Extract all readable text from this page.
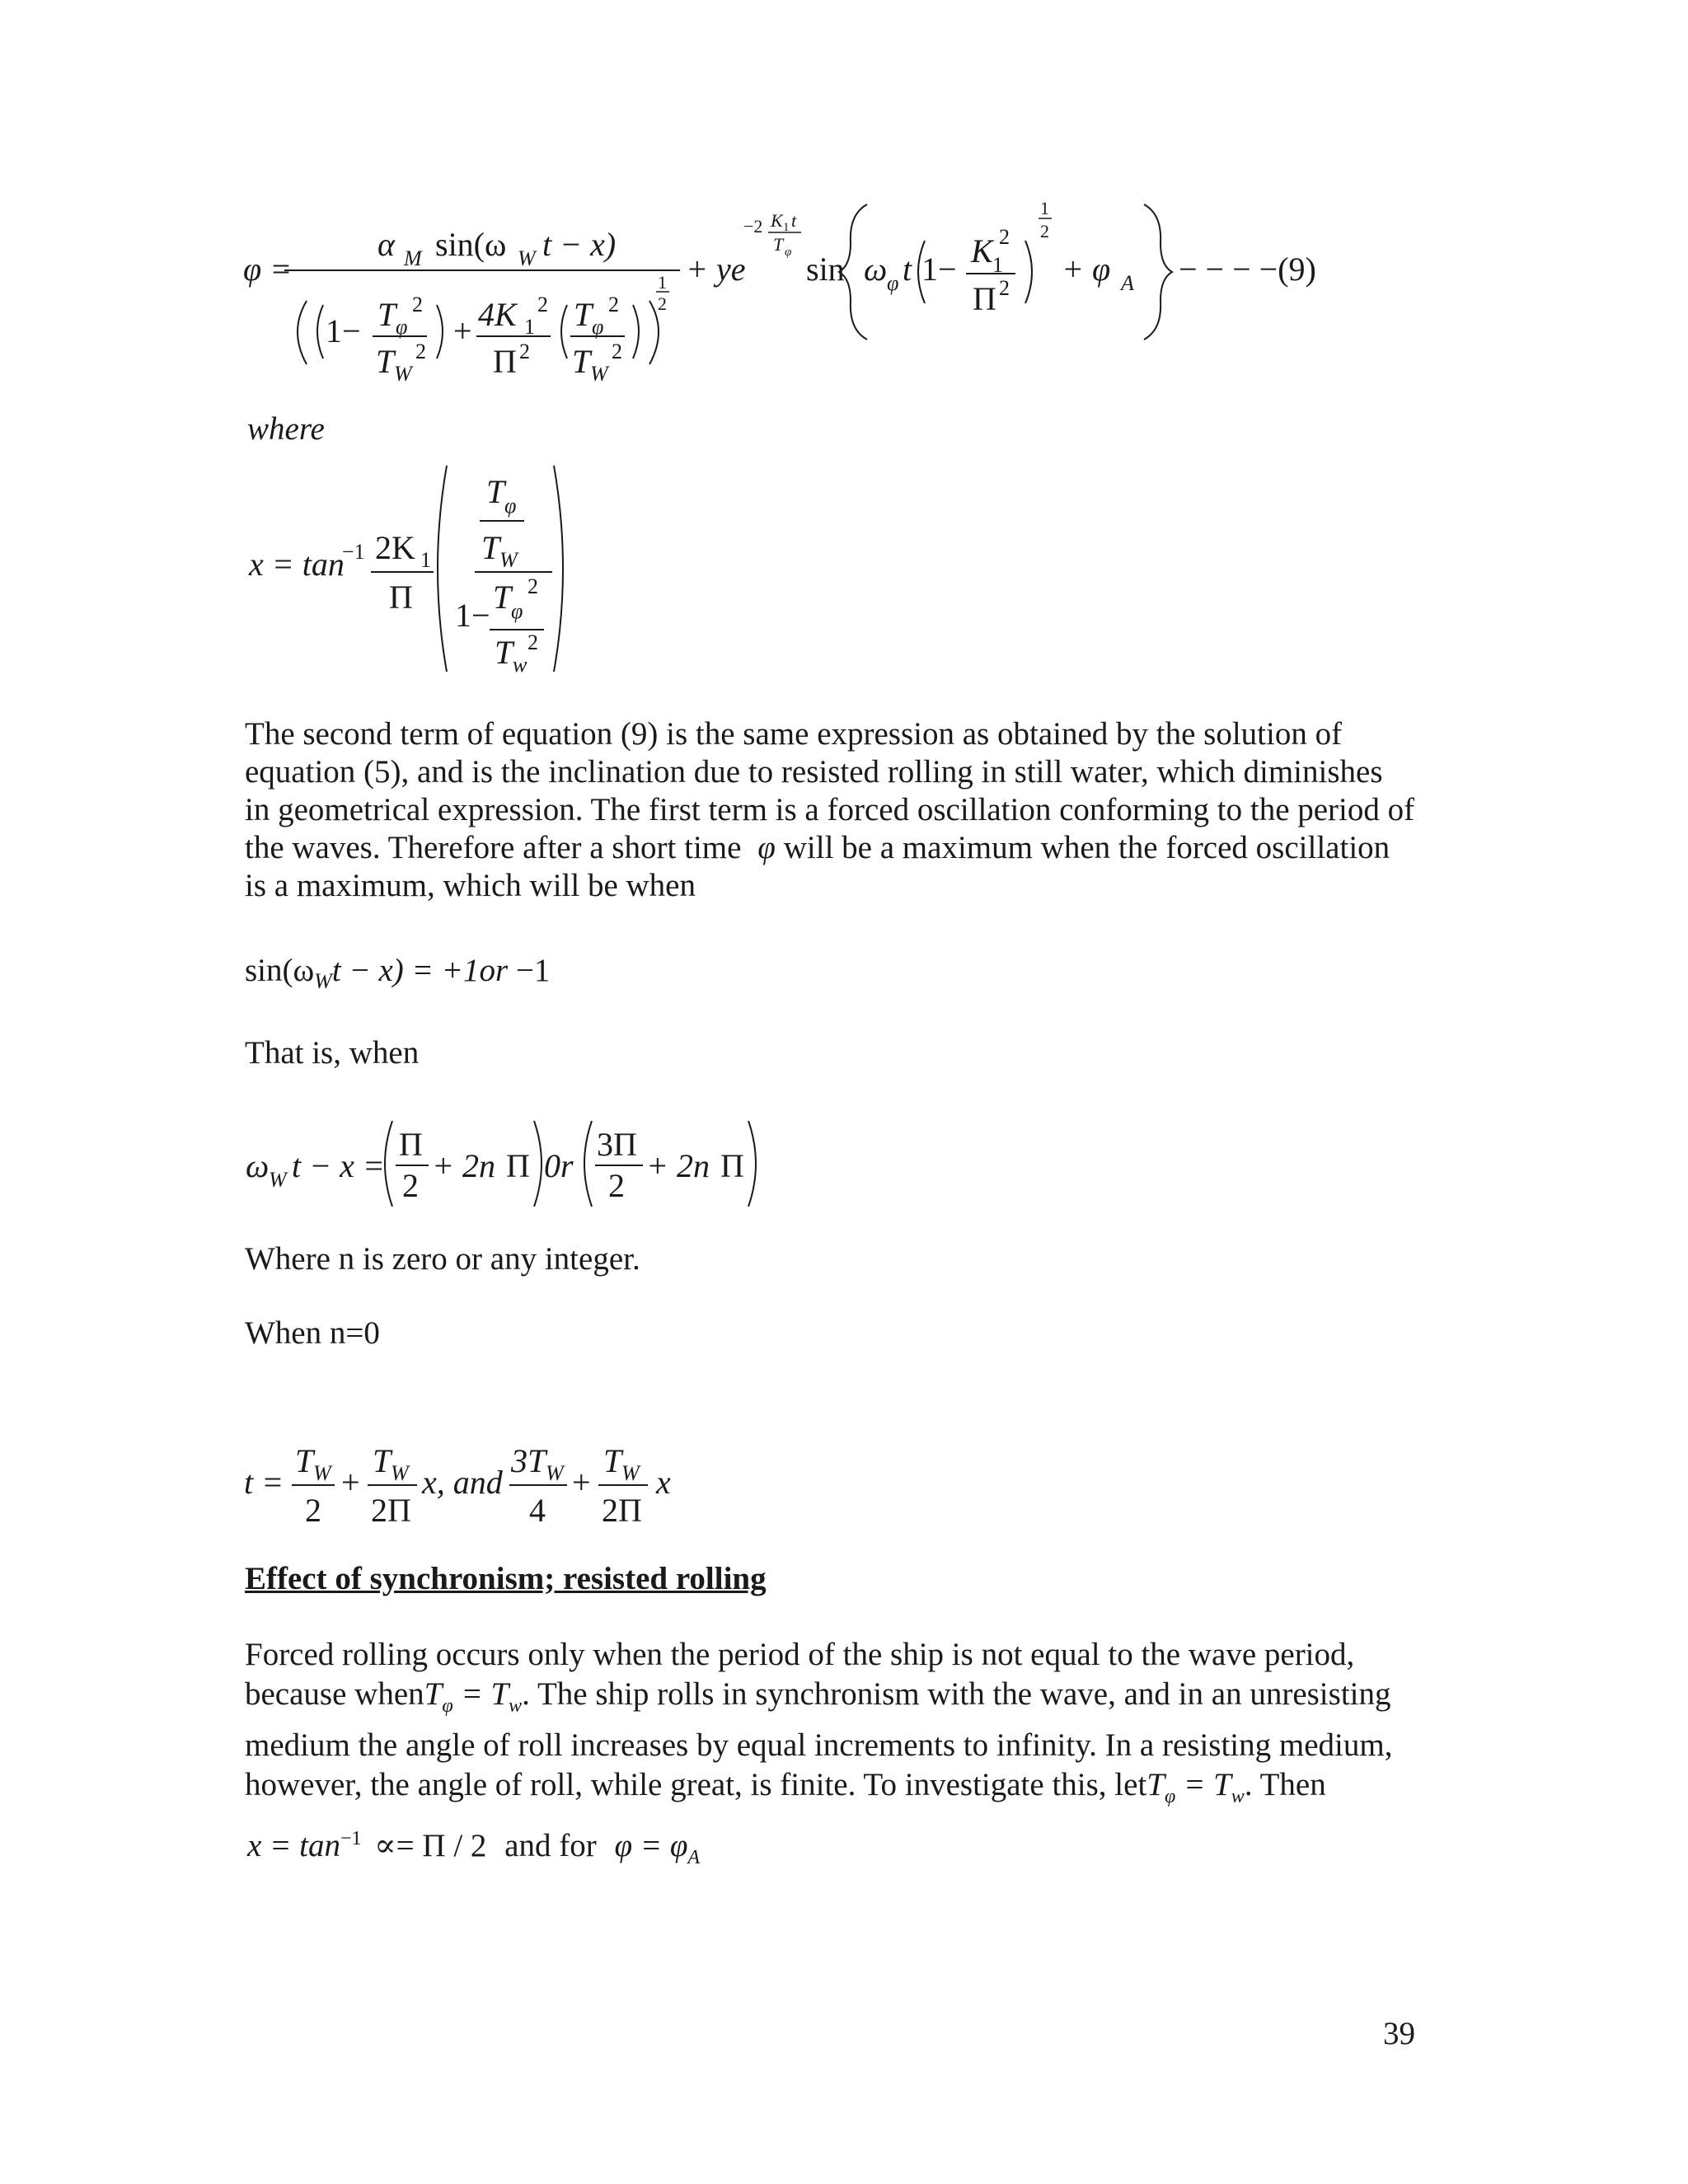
φ =
α M sin(ω W t − x)
1− T φ
2
T W
2
+ 4K 1
2
Π 2
T φ
2
T W
2
1
2
+ ye
−2 K 1 t
T φ sin ω φ t 1− K 1
2
Π 2
1
2
+ φ A − − − −(9)
where
x = tan
−1 2K 1
Π
T φ
T W
T φ
2
1−
T w
2
The second term of equation (9) is the same expression as obtained by the solution of equation (5), and is the inclination due to resisted rolling in still water, which diminishes in geometrical expression. The first term is a forced oscillation conforming to the period of the waves. Therefore after a short time φ will be a maximum when the forced oscillation is a maximum, which will be when
$\sin(\omega_Wt - x) = +1or -1$
That is, when
ω W t − x =
Π
2
+ 2n Π 0r
3Π
2
+ 2n Π
Where n is zero or any integer.
When n=0
t =
T W
2
+
T W
2Π
x, and
3T W
4
+
T W
2Π
x
Effect of synchronism; resisted rolling
Forced rolling occurs only when the period of the ship is not equal to the wave period, because whenT$_\varphi$ = $T_w$. The ship rolls in synchronism with the wave, and in an unresisting medium the angle of roll increases by equal increments to infinity. In a resisting medium, however, the angle of roll, while great, is finite. To investigate this, letT$_\varphi$ = $T_w$. Then
$x = \tan^{-1} \propto= \Pi / 2$ and for $\varphi = \varphi_A$
39
